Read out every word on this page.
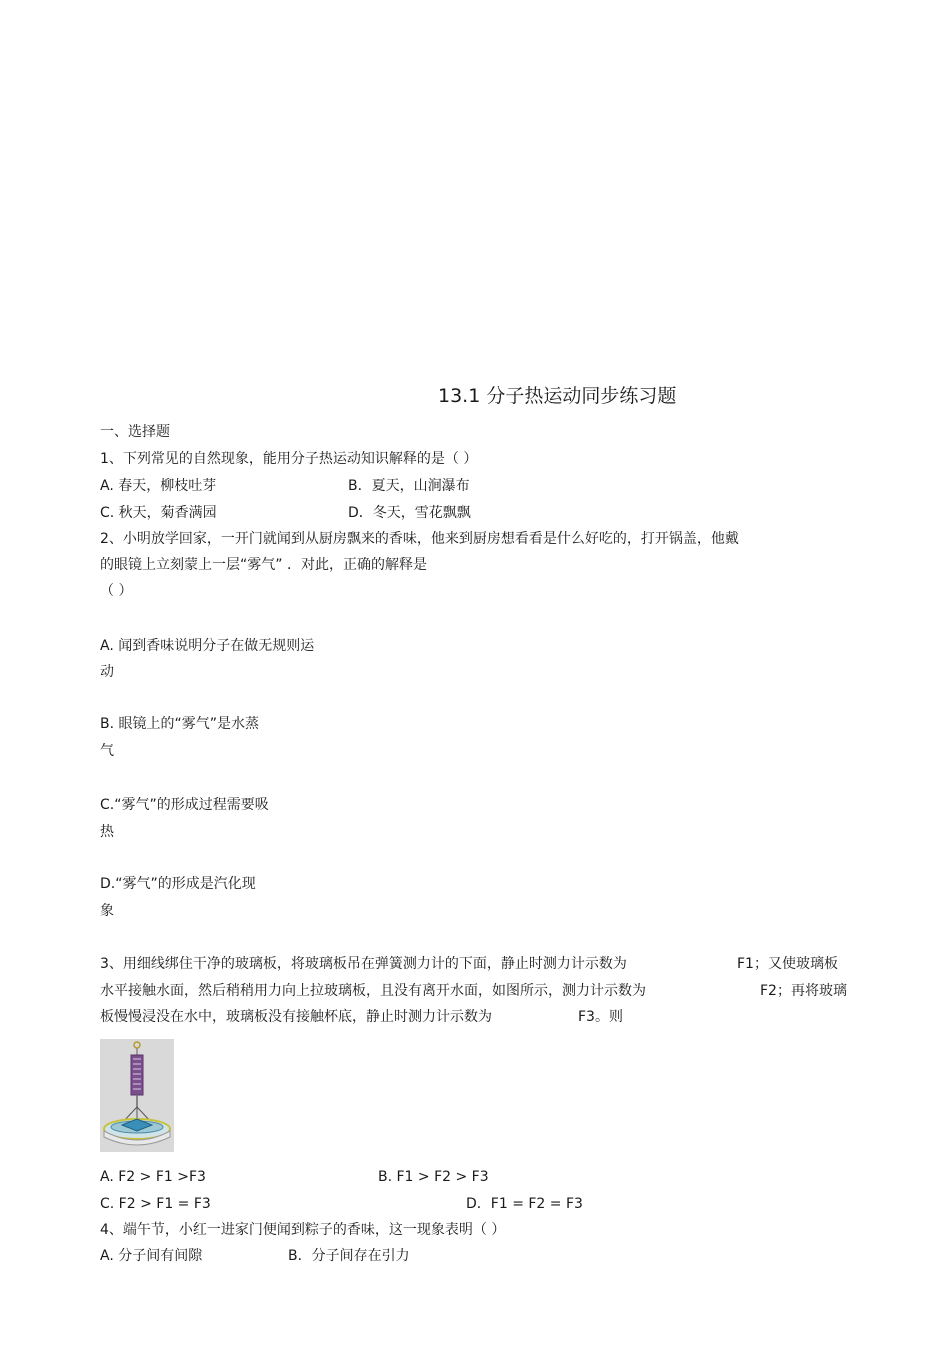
13.1 分子热运动同步练习题
一、选择题
1、下列常见的自然现象，能用分子热运动知识解释的是（ ）
A. 春天，柳枝吐芽	B．夏天，山涧瀑布
C. 秋天，菊香满园	D．冬天，雪花飘飘
2、小明放学回家，一开门就闻到从厨房飘来的香味，他来到厨房想看看是什么好吃的，打开锅盖，他戴
的眼镜上立刻蒙上一层“雾气” ．对此，正确的解释是
（ ）
A. 闻到香味说明分子在做无规则运
动
B. 眼镜上的“雾气”是水蒸
气
C.“雾气”的形成过程需要吸
热
D.“雾气”的形成是汽化现
象
3、用细线绑住干净的玻璃板，将玻璃板吊在弹簧测力计的下面，静止时测力计示数为	F1；又使玻璃板
水平接触水面，然后稍稍用力向上拉玻璃板，且没有离开水面，如图所示，测力计示数为	F2；再将玻璃
板慢慢浸没在水中，玻璃板没有接触杯底，静止时测力计示数为	F3。则
A. F2 > F1 >F3	B. F1 > F2 > F3
C. F2 > F1 = F3	D．F1 = F2 = F3
4、端午节，小红一进家门便闻到粽子的香味，这一现象表明（ ）
A. 分子间有间隙	B．分子间存在引力
